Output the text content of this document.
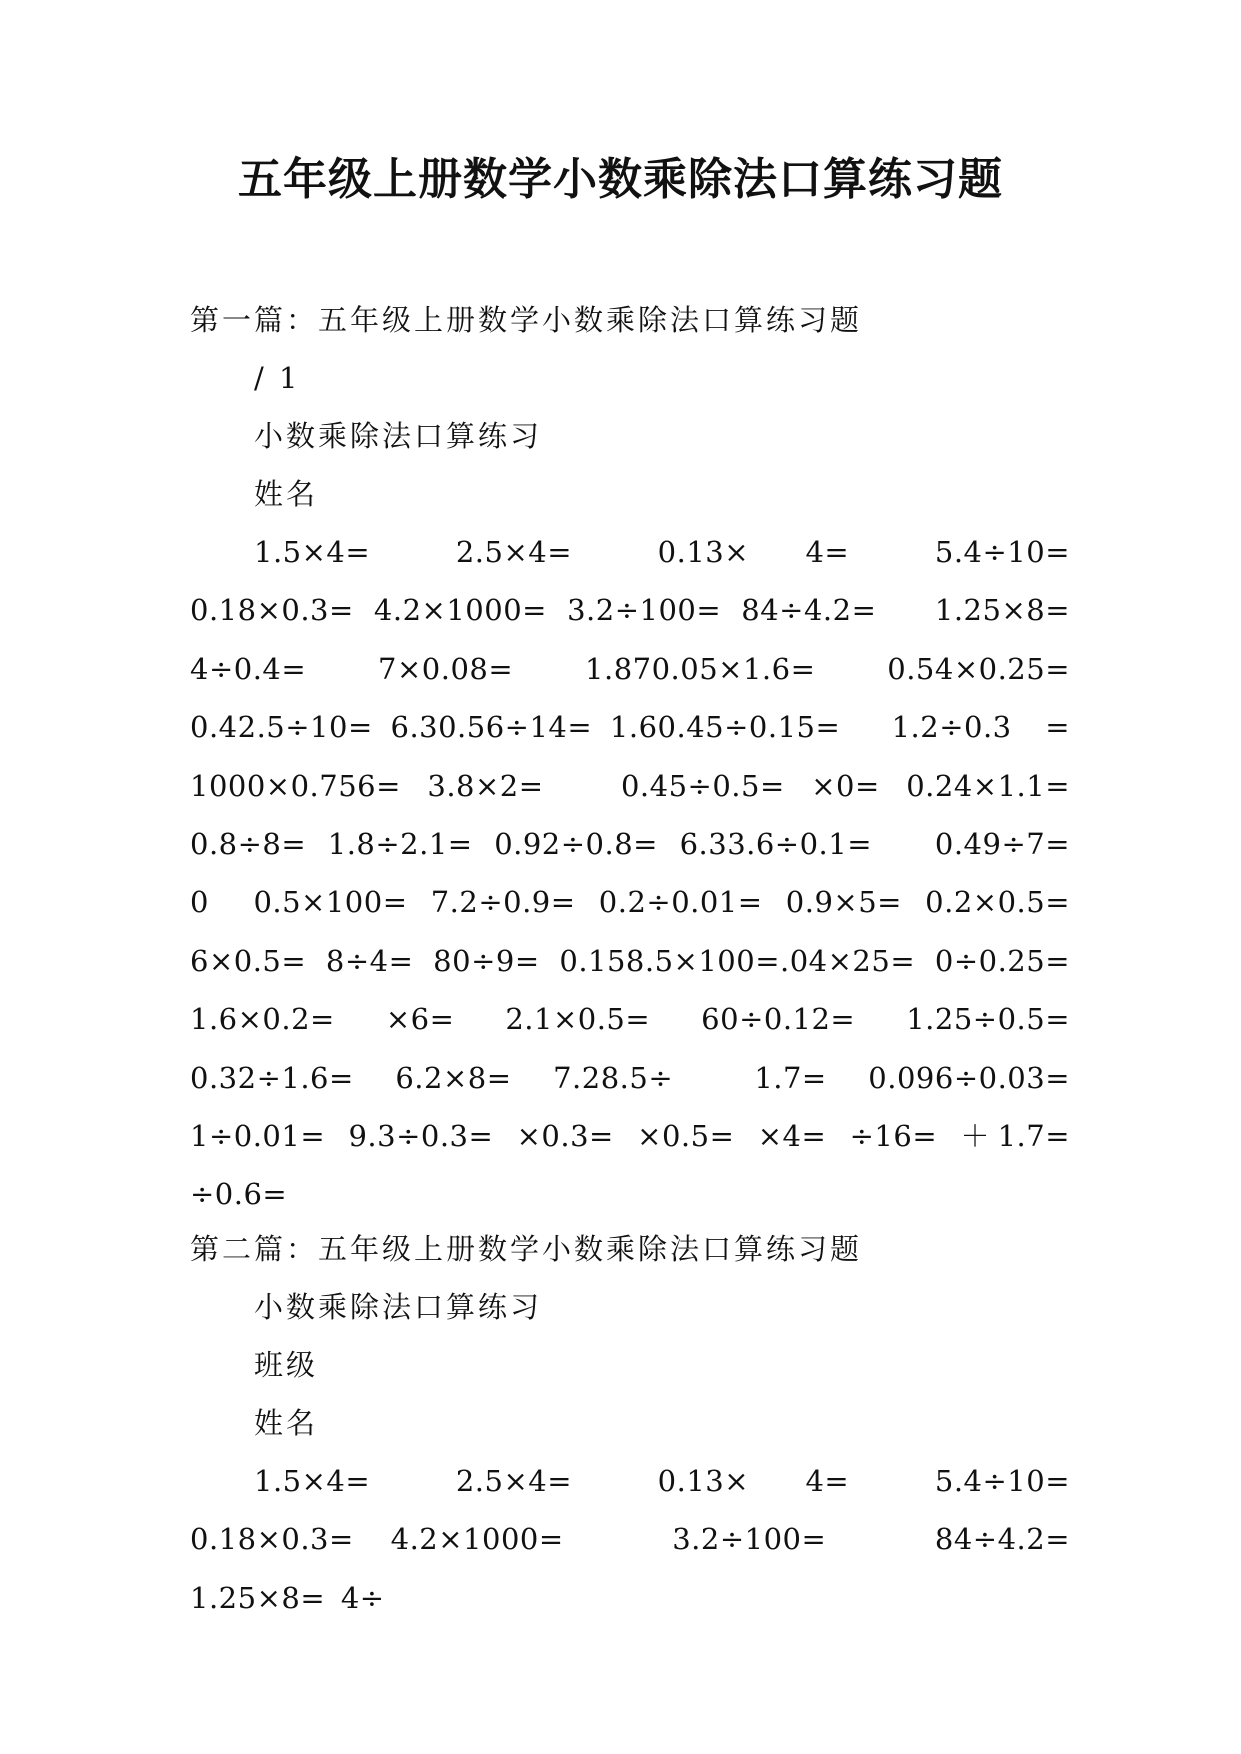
五年级上册数学小数乘除法口算练习题
第一篇：五年级上册数学小数乘除法口算练习题
/ 1
小数乘除法口算练习
姓名

1.5×4=　 2.5×4=　 0.13×　4=　 5.4÷10= 0.18×0.3= 4.2×1000= 3.2÷100= 84÷4.2=　 1.25×8= 4÷0.4= 7×0.08= 1.870.05×1.6= 0.54×0.25= 0.42.5÷10= 6.30.56÷14= 1.60.45÷0.15=　 1.2÷0.3　= 1000×0.756= 3.8×2=　 0.45÷0.5= ×0= 0.24×1.1= 0.8÷8= 1.8÷2.1= 0.92÷0.8= 6.33.6÷0.1=　 0.49÷7=　 0　0.5×100= 7.2÷0.9= 0.2÷0.01= 0.9×5= 0.2×0.5= 6×0.5= 8÷4= 80÷9= 0.158.5×100=.04×25= 0÷0.25= 1.6×0.2= ×6= 2.1×0.5= 60÷0.12= 1.25÷0.5= 0.32÷1.6= 6.2×8= 7.28.5÷　1.7= 0.096÷0.03=　 1÷0.01= 9.3÷0.3= ×0.3= ×0.5= ×4= ÷16= ＋1.7= ÷0.6=

第二篇：五年级上册数学小数乘除法口算练习题
小数乘除法口算练习
班级
姓名

1.5×4=　 2.5×4=　 0.13×　4=　 5.4÷10= 0.18×0.3= 4.2×1000=　 3.2÷100=　 84÷4.2=　 1.25×8= 4÷
